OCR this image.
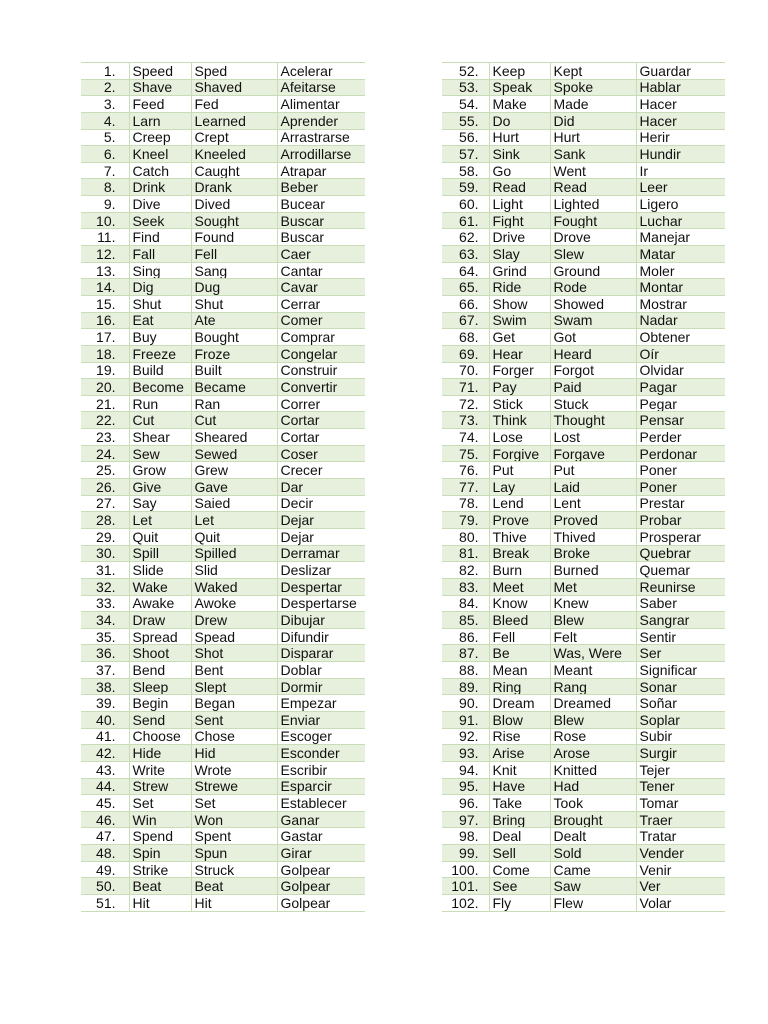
1.	Speed	Sped	Acelerar
2.	Shave	Shaved	Afeitarse
3.	Feed	Fed	Alimentar
4.	Larn	Learned	Aprender
5.	Creep	Crept	Arrastrarse
6.	Kneel	Kneeled	Arrodillarse
7.	Catch	Caught	Atrapar
8.	Drink	Drank	Beber
9.	Dive	Dived	Bucear
10.	Seek	Sought	Buscar
11.	Find	Found	Buscar
12.	Fall	Fell	Caer
13.	Sing	Sang	Cantar
14.	Dig	Dug	Cavar
15.	Shut	Shut	Cerrar
16.	Eat	Ate	Comer
17.	Buy	Bought	Comprar
18.	Freeze	Froze	Congelar
19.	Build	Built	Construir
20.	Become	Became	Convertir
21.	Run	Ran	Correr
22.	Cut	Cut	Cortar
23.	Shear	Sheared	Cortar
24.	Sew	Sewed	Coser
25.	Grow	Grew	Crecer
26.	Give	Gave	Dar
27.	Say	Saied	Decir
28.	Let	Let	Dejar
29.	Quit	Quit	Dejar
30.	Spill	Spilled	Derramar
31.	Slide	Slid	Deslizar
32.	Wake	Waked	Despertar
33.	Awake	Awoke	Despertarse
34.	Draw	Drew	Dibujar
35.	Spread	Spead	Difundir
36.	Shoot	Shot	Disparar
37.	Bend	Bent	Doblar
38.	Sleep	Slept	Dormir
39.	Begin	Began	Empezar
40.	Send	Sent	Enviar
41.	Choose	Chose	Escoger
42.	Hide	Hid	Esconder
43.	Write	Wrote	Escribir
44.	Strew	Strewe	Esparcir
45.	Set	Set	Establecer
46.	Win	Won	Ganar
47.	Spend	Spent	Gastar
48.	Spin	Spun	Girar
49.	Strike	Struck	Golpear
50.	Beat	Beat	Golpear
51.	Hit	Hit	Golpear
52.	Keep	Kept	Guardar
53.	Speak	Spoke	Hablar
54.	Make	Made	Hacer
55.	Do	Did	Hacer
56.	Hurt	Hurt	Herir
57.	Sink	Sank	Hundir
58.	Go	Went	Ir
59.	Read	Read	Leer
60.	Light	Lighted	Ligero
61.	Fight	Fought	Luchar
62.	Drive	Drove	Manejar
63.	Slay	Slew	Matar
64.	Grind	Ground	Moler
65.	Ride	Rode	Montar
66.	Show	Showed	Mostrar
67.	Swim	Swam	Nadar
68.	Get	Got	Obtener
69.	Hear	Heard	Oír
70.	Forger	Forgot	Olvidar
71.	Pay	Paid	Pagar
72.	Stick	Stuck	Pegar
73.	Think	Thought	Pensar
74.	Lose	Lost	Perder
75.	Forgive	Forgave	Perdonar
76.	Put	Put	Poner
77.	Lay	Laid	Poner
78.	Lend	Lent	Prestar
79.	Prove	Proved	Probar
80.	Thive	Thived	Prosperar
81.	Break	Broke	Quebrar
82.	Burn	Burned	Quemar
83.	Meet	Met	Reunirse
84.	Know	Knew	Saber
85.	Bleed	Blew	Sangrar
86.	Fell	Felt	Sentir
87.	Be	Was, Were	Ser
88.	Mean	Meant	Significar
89.	Ring	Rang	Sonar
90.	Dream	Dreamed	Soñar
91.	Blow	Blew	Soplar
92.	Rise	Rose	Subir
93.	Arise	Arose	Surgir
94.	Knit	Knitted	Tejer
95.	Have	Had	Tener
96.	Take	Took	Tomar
97.	Bring	Brought	Traer
98.	Deal	Dealt	Tratar
99.	Sell	Sold	Vender
100.	Come	Came	Venir
101.	See	Saw	Ver
102.	Fly	Flew	Volar
